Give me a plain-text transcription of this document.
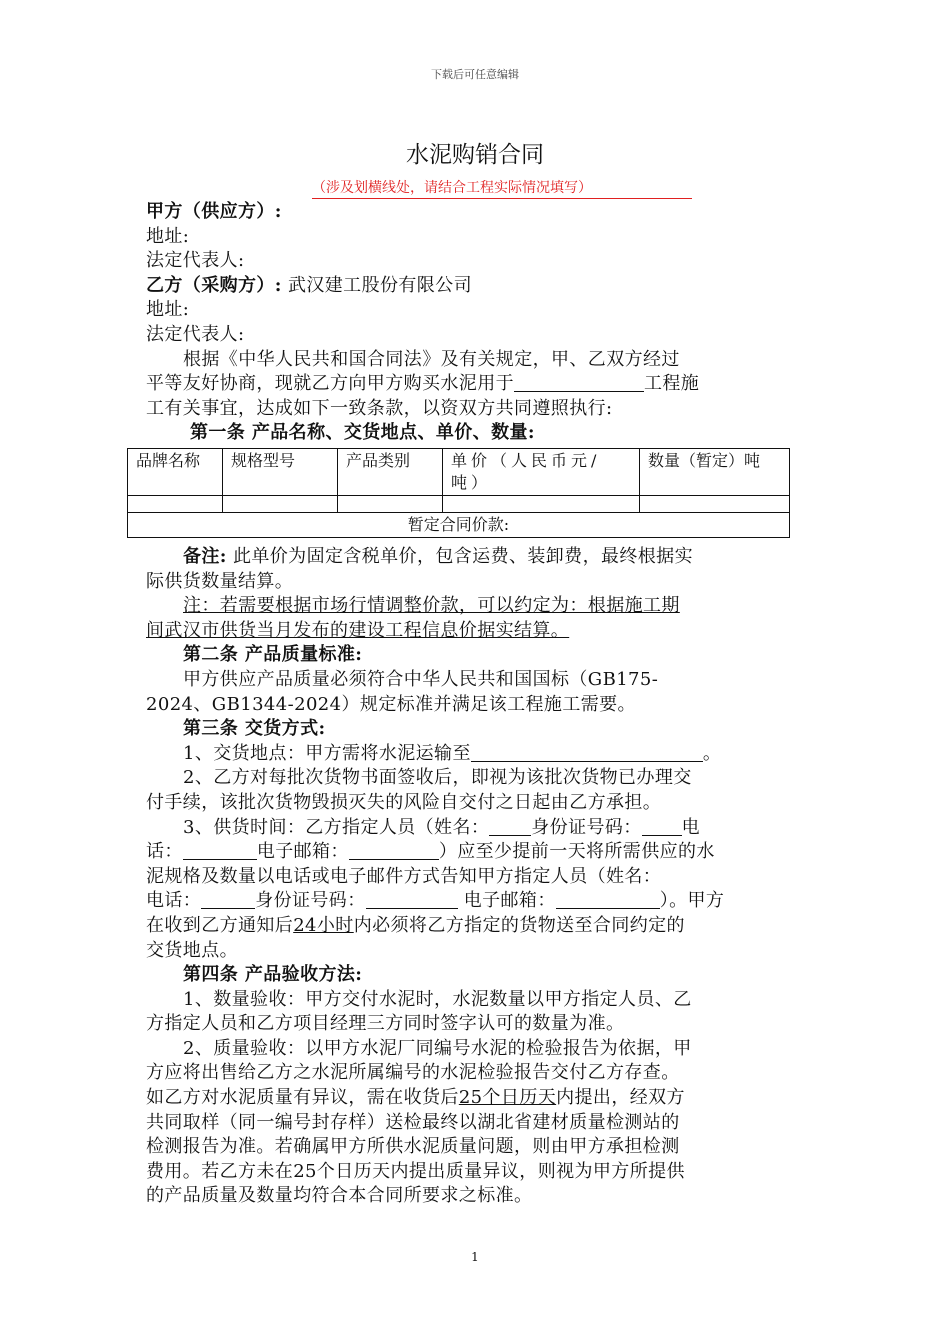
下载后可任意编辑
水泥购销合同
（涉及划横线处，请结合工程实际情况填写）
甲方（供应方）:
地址:
法定代表人:
乙方（采购方）: 武汉建工股份有限公司
地址:
法定代表人:
根据《中华人民共和国合同法》及有关规定，甲、乙双方经过
平等友好协商，现就乙方向甲方购买水泥用于	工程施
工有关事宜，达成如下一致条款，以资双方共同遵照执行:
第一条 产品名称、交货地点、单价、数量:
品牌名称	规格型号	产品类别	单价（人民币元/吨）	数量（暂定）吨

暂定合同价款:				
备注: 此单价为固定含税单价，包含运费、装卸费，最终根据实
际供货数量结算。
注：若需要根据市场行情调整价款，可以约定为：根据施工期
间武汉市供货当月发布的建设工程信息价据实结算。
第二条 产品质量标准:
甲方供应产品质量必须符合中华人民共和国国标（GB175-
2024、GB1344-2024）规定标准并满足该工程施工需要。
第三条 交货方式:
1、交货地点：甲方需将水泥运输至	。
2、乙方对每批次货物书面签收后，即视为该批次货物已办理交
付手续，该批次货物毁损灭失的风险自交付之日起由乙方承担。
3、供货时间：乙方指定人员（姓名： 身份证号码： 电
话：	电子邮箱：	）应至少提前一天将所需供应的水
泥规格及数量以电话或电子邮件方式告知甲方指定人员（姓名：
电话：	身份证号码：	电子邮箱：	）。甲方
在收到乙方通知后24小时内必须将乙方指定的货物送至合同约定的
交货地点。
第四条 产品验收方法:
1、数量验收：甲方交付水泥时，水泥数量以甲方指定人员、乙
方指定人员和乙方项目经理三方同时签字认可的数量为准。
2、质量验收：以甲方水泥厂同编号水泥的检验报告为依据，甲
方应将出售给乙方之水泥所属编号的水泥检验报告交付乙方存查。
如乙方对水泥质量有异议，需在收货后25个日历天内提出，经双方
共同取样（同一编号封存样）送检最终以湖北省建材质量检测站的
检测报告为准。若确属甲方所供水泥质量问题，则由甲方承担检测
费用。若乙方未在25个日历天内提出质量异议，则视为甲方所提供
的产品质量及数量均符合本合同所要求之标准。
1
